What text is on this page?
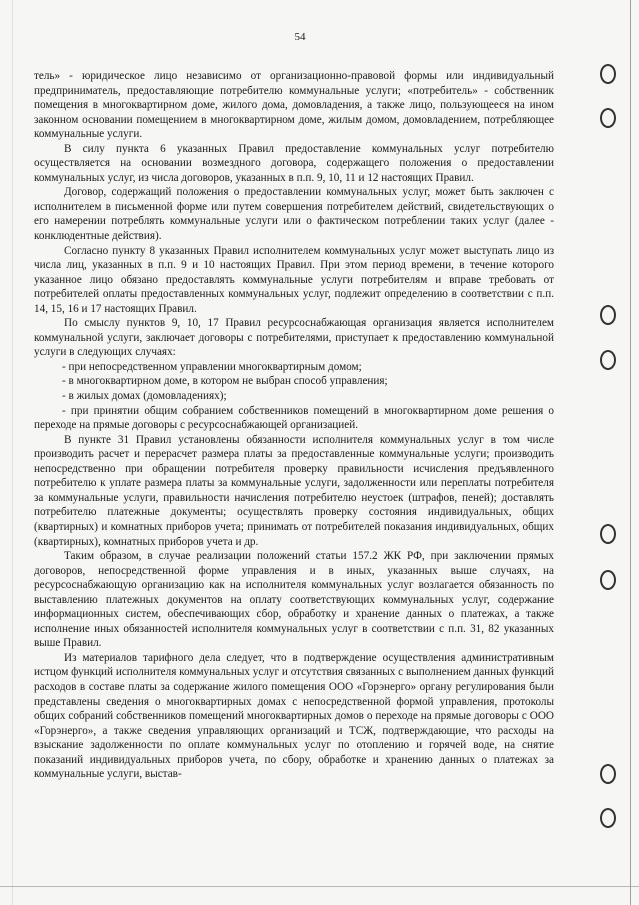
54

тель» - юридическое лицо независимо от организационно-правовой формы или индивидуальный предприниматель, предоставляющие потребителю коммунальные услуги; «потребитель» - собственник помещения в многоквартирном доме, жилого дома, домовладения, а также лицо, пользующееся на ином законном основании помещением в многоквартирном доме, жилым домом, домовладением, потребляющее коммунальные услуги.

В силу пункта 6 указанных Правил предоставление коммунальных услуг потребителю осуществляется на основании возмездного договора, содержащего положения о предоставлении коммунальных услуг, из числа договоров, указанных в п.п. 9, 10, 11 и 12 настоящих Правил.

Договор, содержащий положения о предоставлении коммунальных услуг, может быть заключен с исполнителем в письменной форме или путем совершения потребителем действий, свидетельствующих о его намерении потреблять коммунальные услуги или о фактическом потреблении таких услуг (далее - конклюдентные действия).

Согласно пункту 8 указанных Правил исполнителем коммунальных услуг может выступать лицо из числа лиц, указанных в п.п. 9 и 10 настоящих Правил. При этом период времени, в течение которого указанное лицо обязано предоставлять коммунальные услуги потребителям и вправе требовать от потребителей оплаты предоставленных коммунальных услуг, подлежит определению в соответствии с п.п. 14, 15, 16 и 17 настоящих Правил.

По смыслу пунктов 9, 10, 17 Правил ресурсоснабжающая организация является исполнителем коммунальной услуги, заключает договоры с потребителями, приступает к предоставлению коммунальной услуги в следующих случаях:

- при непосредственном управлении многоквартирным домом;

- в многоквартирном доме, в котором не выбран способ управления;

- в жилых домах (домовладениях);

- при принятии общим собранием собственников помещений в многоквартирном доме решения о переходе на прямые договоры с ресурсоснабжающей организацией.

В пункте 31 Правил установлены обязанности исполнителя коммунальных услуг в том числе производить расчет и перерасчет размера платы за предоставленные коммунальные услуги; производить непосредственно при обращении потребителя проверку правильности исчисления предъявленного потребителю к уплате размера платы за коммунальные услуги, задолженности или переплаты потребителя за коммунальные услуги, правильности начисления потребителю неустоек (штрафов, пеней); доставлять потребителю платежные документы; осуществлять проверку состояния индивидуальных, общих (квартирных) и комнатных приборов учета; принимать от потребителей показания индивидуальных, общих (квартирных), комнатных приборов учета и др.

Таким образом, в случае реализации положений статьи 157.2 ЖК РФ, при заключении прямых договоров, непосредственной форме управления и в иных, указанных выше случаях, на ресурсоснабжающую организацию как на исполнителя коммунальных услуг возлагается обязанность по выставлению платежных документов на оплату соответствующих коммунальных услуг, содержание информационных систем, обеспечивающих сбор, обработку и хранение данных о платежах, а также исполнение иных обязанностей исполнителя коммунальных услуг в соответствии с п.п. 31, 82 указанных выше Правил.

Из материалов тарифного дела следует, что в подтверждение осуществления административным истцом функций исполнителя коммунальных услуг и отсутствия связанных с выполнением данных функций расходов в составе платы за содержание жилого помещения ООО «Горэнерго» органу регулирования были представлены сведения о многоквартирных домах с непосредственной формой управления, протоколы общих собраний собственников помещений многоквартирных домов о переходе на прямые договоры с ООО «Горэнерго», а также сведения управляющих организаций и ТСЖ, подтверждающие, что расходы на взыскание задолженности по оплате коммунальных услуг по отоплению и горячей воде, на снятие показаний индивидуальных приборов учета, по сбору, обработке и хранению данных о платежах за коммунальные услуги, выстав-
